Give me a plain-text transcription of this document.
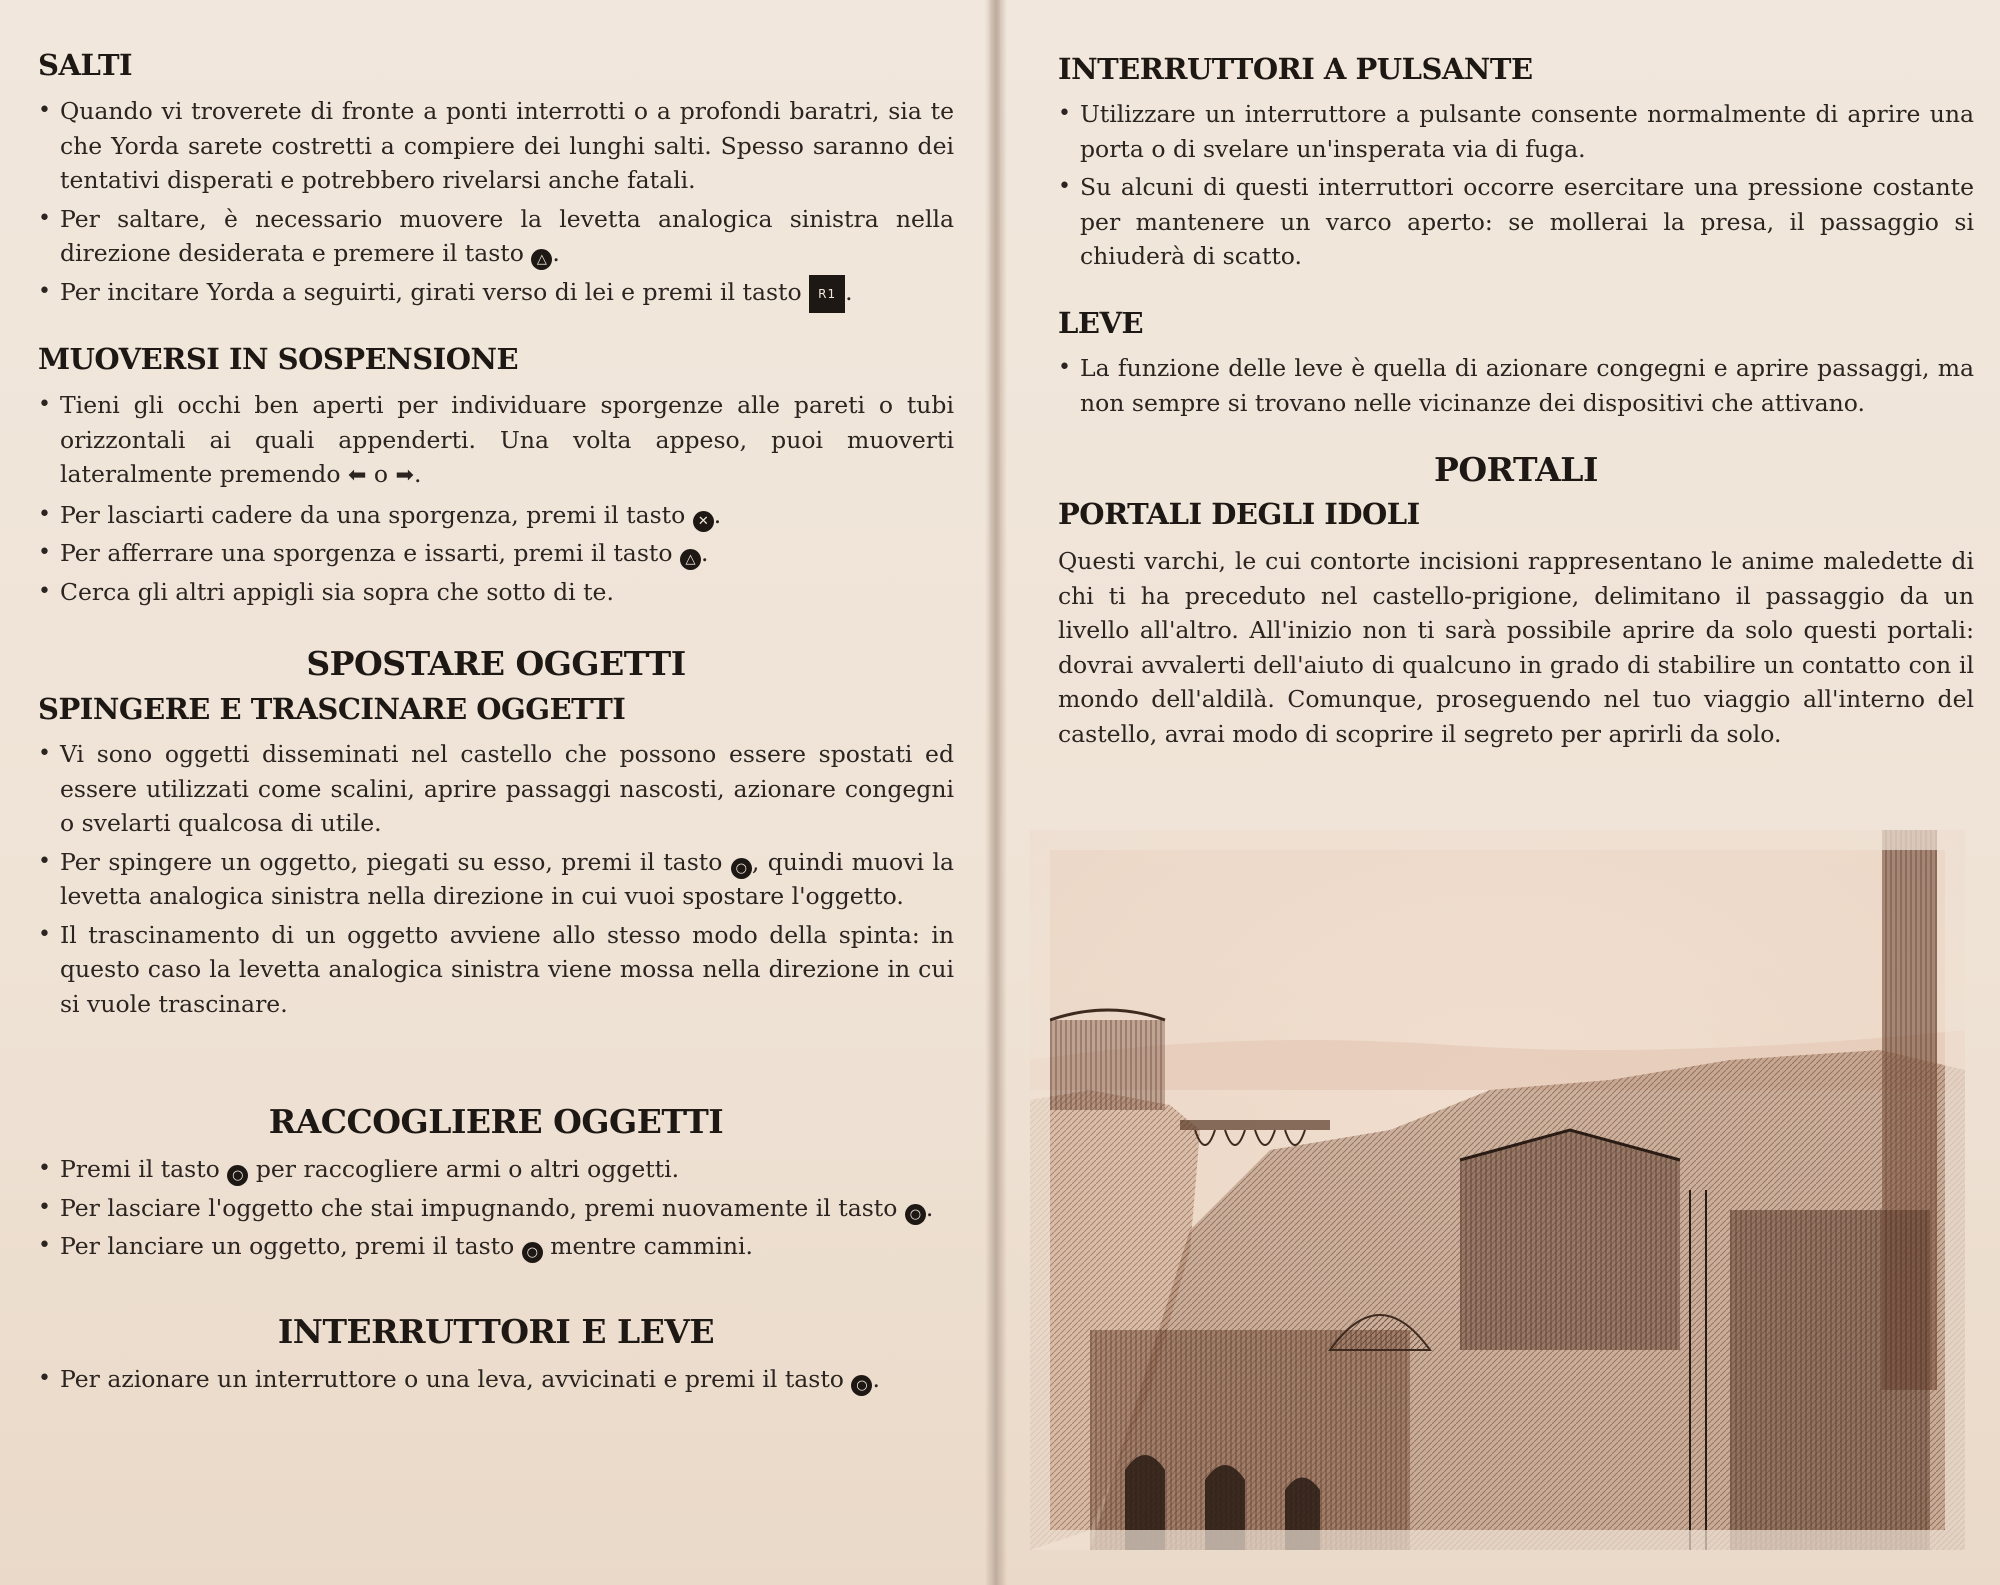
SALTI
• Quando vi troverete di fronte a ponti interrotti o a profondi baratri, sia te che Yorda sarete costretti a compiere dei lunghi salti. Spesso saranno dei tentativi disperati e potrebbero rivelarsi anche fatali.
• Per saltare, è necessario muovere la levetta analogica sinistra nella direzione desiderata e premere il tasto △ .
• Per incitare Yorda a seguirti, girati verso di lei e premi il tasto R1 .
MUOVERSI IN SOSPENSIONE
• Tieni gli occhi ben aperti per individuare sporgenze alle pareti o tubi orizzontali ai quali appenderti. Una volta appeso, puoi muoverti lateralmente premendo ⬅ o ➡.
• Per lasciarti cadere da una sporgenza, premi il tasto ✕ .
• Per afferrare una sporgenza e issarti, premi il tasto △ .
• Cerca gli altri appigli sia sopra che sotto di te.
SPOSTARE OGGETTI
SPINGERE E TRASCINARE OGGETTI
• Vi sono oggetti disseminati nel castello che possono essere spostati ed essere utilizzati come scalini, aprire passaggi nascosti, azionare congegni o svelarti qualcosa di utile.
• Per spingere un oggetto, piegati su esso, premi il tasto ○ , quindi muovi la levetta analogica sinistra nella direzione in cui vuoi spostare l'oggetto.
• Il trascinamento di un oggetto avviene allo stesso modo della spinta: in questo caso la levetta analogica sinistra viene mossa nella direzione in cui si vuole trascinare.
RACCOGLIERE OGGETTI
• Premi il tasto ○ per raccogliere armi o altri oggetti.
• Per lasciare l'oggetto che stai impugnando, premi nuovamente il tasto ○ .
• Per lanciare un oggetto, premi il tasto ○ mentre cammini.
INTERRUTTORI E LEVE
• Per azionare un interruttore o una leva, avvicinati e premi il tasto ○ .
INTERRUTTORI A PULSANTE
• Utilizzare un interruttore a pulsante consente normalmente di aprire una porta o di svelare un'insperata via di fuga.
• Su alcuni di questi interruttori occorre esercitare una pressione costante per mantenere un varco aperto: se mollerai la presa, il passaggio si chiuderà di scatto.
LEVE
• La funzione delle leve è quella di azionare congegni e aprire passaggi, ma non sempre si trovano nelle vicinanze dei dispositivi che attivano.
PORTALI
PORTALI DEGLI IDOLI

Questi varchi, le cui contorte incisioni rappresentano le anime maledette di chi ti ha preceduto nel castello-prigione, delimitano il passaggio da un livello all'altro. All'inizio non ti sarà possibile aprire da solo questi portali: dovrai avvalerti dell'aiuto di qualcuno in grado di stabilire un contatto con il mondo dell'aldilà. Comunque, proseguendo nel tuo viaggio all'interno del castello, avrai modo di scoprire il segreto per aprirli da solo.
